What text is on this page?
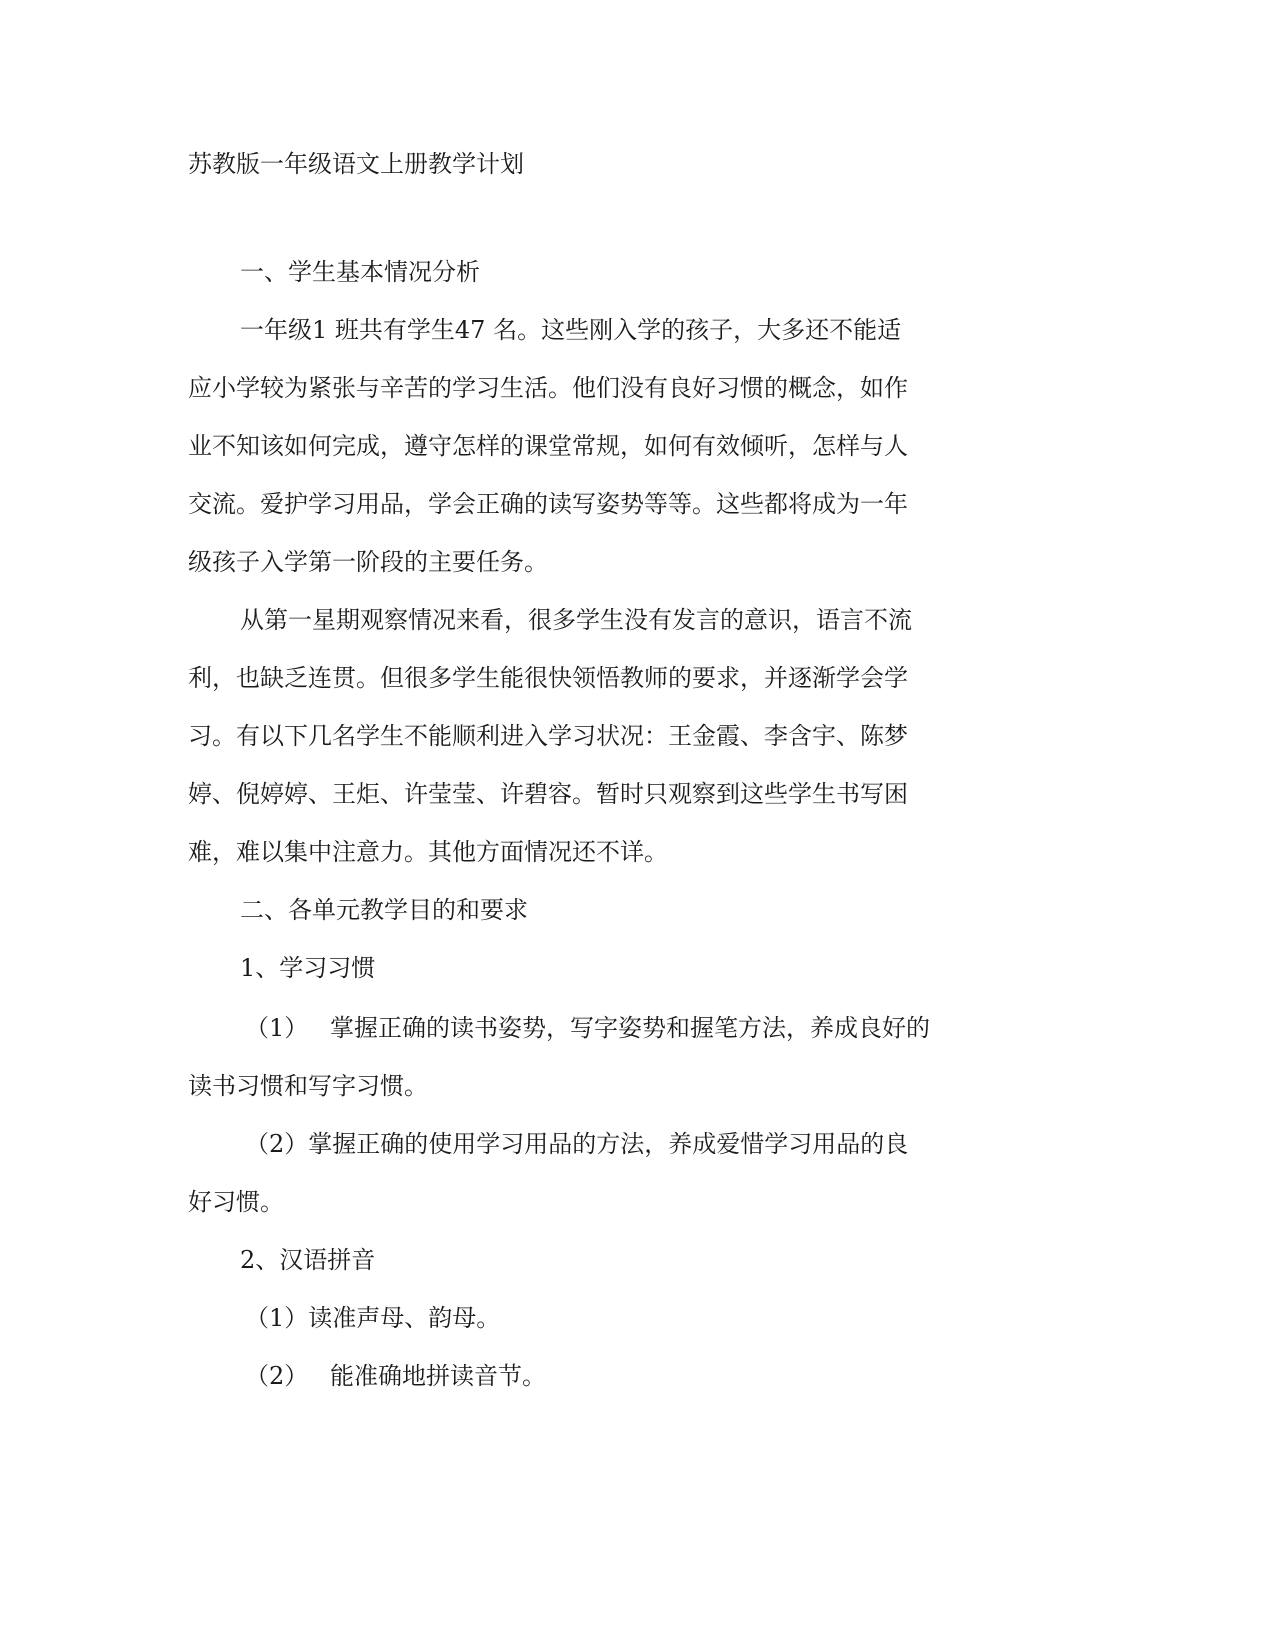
苏教版一年级语文上册教学计划

一、学生基本情况分析

一年级1 班共有学生47 名。这些刚入学的孩子，大多还不能适

应小学较为紧张与辛苦的学习生活。他们没有良好习惯的概念，如作

业不知该如何完成，遵守怎样的课堂常规，如何有效倾听，怎样与人

交流。爱护学习用品，学会正确的读写姿势等等。这些都将成为一年

级孩子入学第一阶段的主要任务。

从第一星期观察情况来看，很多学生没有发言的意识，语言不流

利，也缺乏连贯。但很多学生能很快领悟教师的要求，并逐渐学会学

习。有以下几名学生不能顺利进入学习状况：王金霞、李含宇、陈梦

婷、倪婷婷、王炬、许莹莹、许碧容。暂时只观察到这些学生书写困

难，难以集中注意力。其他方面情况还不详。

二、各单元教学目的和要求

1、学习习惯

（1） 掌握正确的读书姿势，写字姿势和握笔方法，养成良好的

读书习惯和写字习惯。

（2）掌握正确的使用学习用品的方法，养成爱惜学习用品的良

好习惯。

2、汉语拼音

（1）读准声母、韵母。

（2） 能准确地拼读音节。
